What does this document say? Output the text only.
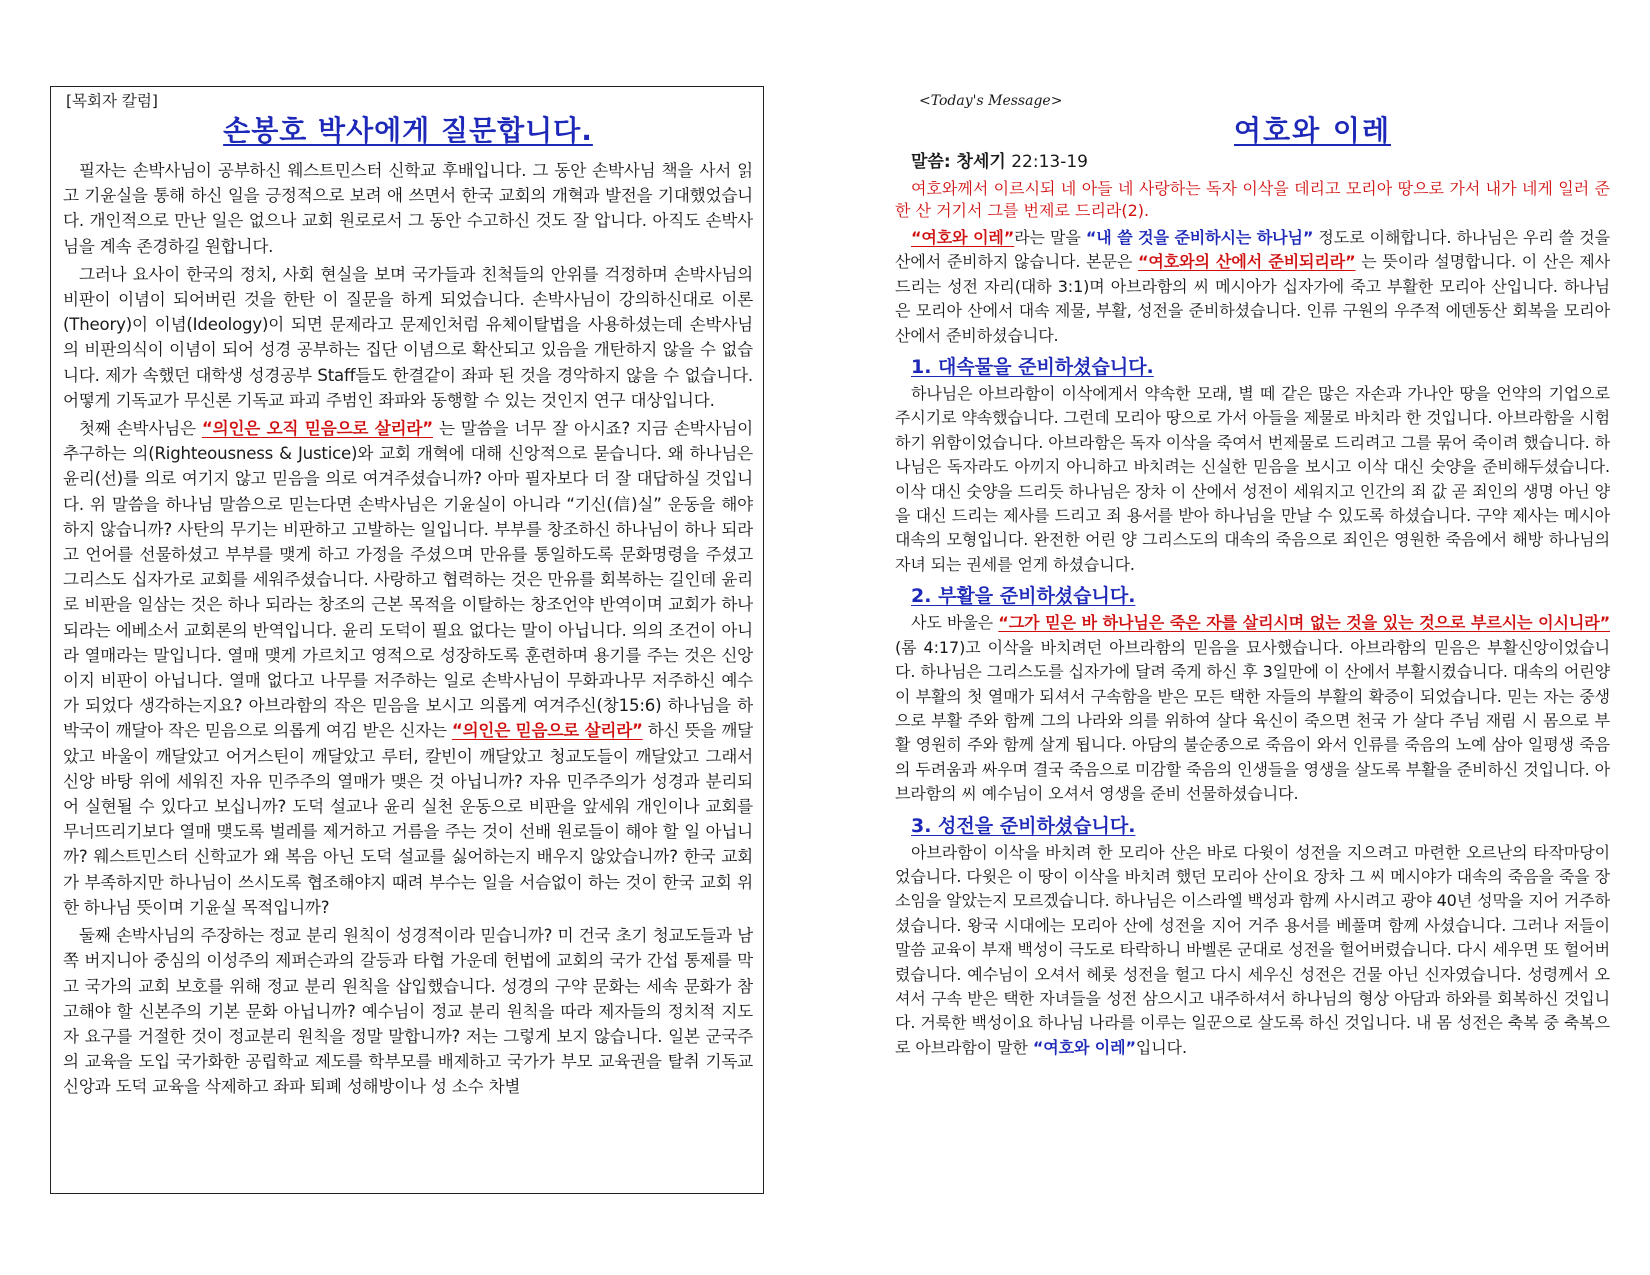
[목회자 칼럼]
손봉호 박사에게 질문합니다.

필자는 손박사님이 공부하신 웨스트민스터 신학교 후배입니다. 그 동안 손박사님 책을 사서 읽고 기윤실을 통해 하신 일을 긍정적으로 보려 애 쓰면서 한국 교회의 개혁과 발전을 기대했었습니다. 개인적으로 만난 일은 없으나 교회 원로로서 그 동안 수고하신 것도 잘 압니다. 아직도 손박사님을 계속 존경하길 원합니다.

그러나 요사이 한국의 정치, 사회 현실을 보며 국가들과 친척들의 안위를 걱정하며 손박사님의 비판이 이념이 되어버린 것을 한탄 이 질문을 하게 되었습니다. 손박사님이 강의하신대로 이론(Theory)이 이념(Ideology)이 되면 문제라고 문제인처럼 유체이탈법을 사용하셨는데 손박사님의 비판의식이 이념이 되어 성경 공부하는 집단 이념으로 확산되고 있음을 개탄하지 않을 수 없습니다. 제가 속했던 대학생 성경공부 Staff들도 한결같이 좌파 된 것을 경악하지 않을 수 없습니다. 어떻게 기독교가 무신론 기독교 파괴 주범인 좌파와 동행할 수 있는 것인지 연구 대상입니다.

첫째 손박사님은 “의인은 오직 믿음으로 살리라” 는 말씀을 너무 잘 아시죠? 지금 손박사님이 추구하는 의(Righteousness & Justice)와 교회 개혁에 대해 신앙적으로 묻습니다. 왜 하나님은 윤리(선)를 의로 여기지 않고 믿음을 의로 여겨주셨습니까? 아마 필자보다 더 잘 대답하실 것입니다. 위 말씀을 하나님 말씀으로 믿는다면 손박사님은 기윤실이 아니라 “기신(信)실” 운동을 해야 하지 않습니까? 사탄의 무기는 비판하고 고발하는 일입니다. 부부를 창조하신 하나님이 하나 되라고 언어를 선물하셨고 부부를 맺게 하고 가정을 주셨으며 만유를 통일하도록 문화명령을 주셨고 그리스도 십자가로 교회를 세워주셨습니다. 사랑하고 협력하는 것은 만유를 회복하는 길인데 윤리로 비판을 일삼는 것은 하나 되라는 창조의 근본 목적을 이탈하는 창조언약 반역이며 교회가 하나 되라는 에베소서 교회론의 반역입니다. 윤리 도덕이 필요 없다는 말이 아닙니다. 의의 조건이 아니라 열매라는 말입니다. 열매 맺게 가르치고 영적으로 성장하도록 훈련하며 용기를 주는 것은 신앙이지 비판이 아닙니다. 열매 없다고 나무를 저주하는 일로 손박사님이 무화과나무 저주하신 예수가 되었다 생각하는지요? 아브라함의 작은 믿음을 보시고 의롭게 여겨주신(창15:6) 하나님을 하박국이 깨달아 작은 믿음으로 의롭게 여김 받은 신자는 “의인은 믿음으로 살리라” 하신 뜻을 깨달았고 바울이 깨달았고 어거스틴이 깨달았고 루터, 칼빈이 깨달았고 청교도들이 깨달았고 그래서 신앙 바탕 위에 세워진 자유 민주주의 열매가 맺은 것 아닙니까? 자유 민주주의가 성경과 분리되어 실현될 수 있다고 보십니까? 도덕 설교나 윤리 실천 운동으로 비판을 앞세워 개인이나 교회를 무너뜨리기보다 열매 맺도록 벌레를 제거하고 거름을 주는 것이 선배 원로들이 해야 할 일 아닙니까? 웨스트민스터 신학교가 왜 복음 아닌 도덕 설교를 싫어하는지 배우지 않았습니까? 한국 교회가 부족하지만 하나님이 쓰시도록 협조해야지 때려 부수는 일을 서슴없이 하는 것이 한국 교회 위한 하나님 뜻이며 기윤실 목적입니까?

둘째 손박사님의 주장하는 정교 분리 원칙이 성경적이라 믿습니까? 미 건국 초기 청교도들과 남쪽 버지니아 중심의 이성주의 제퍼슨과의 갈등과 타협 가운데 헌법에 교회의 국가 간섭 통제를 막고 국가의 교회 보호를 위해 정교 분리 원칙을 삽입했습니다. 성경의 구약 문화는 세속 문화가 참고해야 할 신본주의 기본 문화 아닙니까? 예수님이 정교 분리 원칙을 따라 제자들의 정치적 지도자 요구를 거절한 것이 정교분리 원칙을 정말 말합니까? 저는 그렇게 보지 않습니다. 일본 군국주의 교육을 도입 국가화한 공립학교 제도를 학부모를 배제하고 국가가 부모 교육권을 탈취 기독교 신앙과 도덕 교육을 삭제하고 좌파 퇴폐 성해방이나 성 소수 차별

<Today's Message>
여호와 이레
말씀: 창세기 22:13-19
여호와께서 이르시되 네 아들 네 사랑하는 독자 이삭을 데리고 모리아 땅으로 가서 내가 네게 일러 준 한 산 거기서 그를 번제로 드리라(2).

“여호와 이레”라는 말을 “내 쓸 것을 준비하시는 하나님” 정도로 이해합니다. 하나님은 우리 쓸 것을 산에서 준비하지 않습니다. 본문은 “여호와의 산에서 준비되리라” 는 뜻이라 설명합니다. 이 산은 제사 드리는 성전 자리(대하 3:1)며 아브라함의 씨 메시아가 십자가에 죽고 부활한 모리아 산입니다. 하나님은 모리아 산에서 대속 제물, 부활, 성전을 준비하셨습니다. 인류 구원의 우주적 에덴동산 회복을 모리아 산에서 준비하셨습니다.

1. 대속물을 준비하셨습니다.

하나님은 아브라함이 이삭에게서 약속한 모래, 별 떼 같은 많은 자손과 가나안 땅을 언약의 기업으로 주시기로 약속했습니다. 그런데 모리아 땅으로 가서 아들을 제물로 바치라 한 것입니다. 아브라함을 시험하기 위함이었습니다. 아브라함은 독자 이삭을 죽여서 번제물로 드리려고 그를 묶어 죽이려 했습니다. 하나님은 독자라도 아끼지 아니하고 바치려는 신실한 믿음을 보시고 이삭 대신 숫양을 준비해두셨습니다. 이삭 대신 숫양을 드리듯 하나님은 장차 이 산에서 성전이 세워지고 인간의 죄 값 곧 죄인의 생명 아닌 양을 대신 드리는 제사를 드리고 죄 용서를 받아 하나님을 만날 수 있도록 하셨습니다. 구약 제사는 메시아 대속의 모형입니다. 완전한 어린 양 그리스도의 대속의 죽음으로 죄인은 영원한 죽음에서 해방 하나님의 자녀 되는 권세를 얻게 하셨습니다.

2. 부활을 준비하셨습니다.

사도 바울은 “그가 믿은 바 하나님은 죽은 자를 살리시며 없는 것을 있는 것으로 부르시는 이시니라” (롬 4:17)고 이삭을 바치려던 아브라함의 믿음을 묘사했습니다. 아브라함의 믿음은 부활신앙이었습니다. 하나님은 그리스도를 십자가에 달려 죽게 하신 후 3일만에 이 산에서 부활시켰습니다. 대속의 어린양이 부활의 첫 열매가 되셔서 구속함을 받은 모든 택한 자들의 부활의 확증이 되었습니다. 믿는 자는 중생으로 부활 주와 함께 그의 나라와 의를 위하여 살다 육신이 죽으면 천국 가 살다 주님 재림 시 몸으로 부활 영원히 주와 함께 살게 됩니다. 아담의 불순종으로 죽음이 와서 인류를 죽음의 노예 삼아 일평생 죽음의 두려움과 싸우며 결국 죽음으로 미감할 죽음의 인생들을 영생을 살도록 부활을 준비하신 것입니다. 아브라함의 씨 예수님이 오셔서 영생을 준비 선물하셨습니다.

3. 성전을 준비하셨습니다.

아브라함이 이삭을 바치려 한 모리아 산은 바로 다윗이 성전을 지으려고 마련한 오르난의 타작마당이었습니다. 다윗은 이 땅이 이삭을 바치려 했던 모리아 산이요 장차 그 씨 메시야가 대속의 죽음을 죽을 장소임을 알았는지 모르겠습니다. 하나님은 이스라엘 백성과 함께 사시려고 광야 40년 성막을 지어 거주하셨습니다. 왕국 시대에는 모리아 산에 성전을 지어 거주 용서를 베풀며 함께 사셨습니다. 그러나 저들이 말씀 교육이 부재 백성이 극도로 타락하니 바벨론 군대로 성전을 헐어버렸습니다. 다시 세우면 또 헐어버렸습니다. 예수님이 오셔서 헤롯 성전을 헐고 다시 세우신 성전은 건물 아닌 신자였습니다. 성령께서 오셔서 구속 받은 택한 자녀들을 성전 삼으시고 내주하셔서 하나님의 형상 아담과 하와를 회복하신 것입니다. 거룩한 백성이요 하나님 나라를 이루는 일꾼으로 살도록 하신 것입니다. 내 몸 성전은 축복 중 축복으로 아브라함이 말한 “여호와 이레”입니다.
